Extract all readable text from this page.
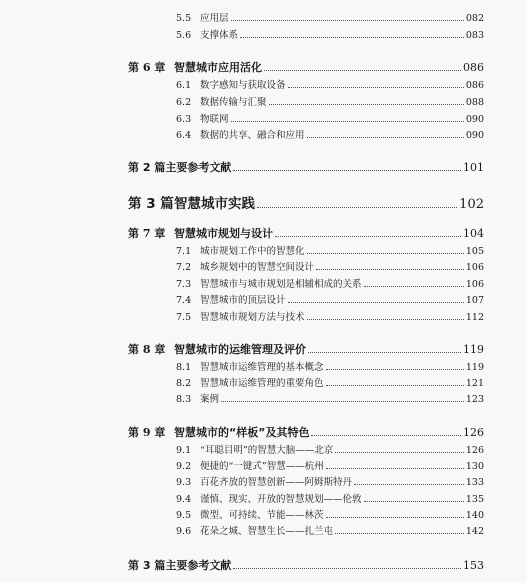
5.5 应用层	082
5.6 支撑体系	083
第 6 章 智慧城市应用活化	086
6.1 数字感知与获取设备	086
6.2 数据传输与汇聚	088
6.3 物联网	090
6.4 数据的共享、融合和应用	090
第 2 篇主要参考文献	101
第 3 篇 智慧城市实践	102
第 7 章 智慧城市规划与设计	104
7.1 城市规划工作中的智慧化	105
7.2 城乡规划中的智慧空间设计	106
7.3 智慧城市与城市规划是相辅相成的关系	106
7.4 智慧城市的顶层设计	107
7.5 智慧城市规划方法与技术	112
第 8 章 智慧城市的运维管理及评价	119
8.1 智慧城市运维管理的基本概念	119
8.2 智慧城市运维管理的重要角色	121
8.3 案例	123
第 9 章 智慧城市的“样板”及其特色	126
9.1 “耳聪目明”的智慧大脑——北京	126
9.2 便捷的“一键式”智慧——杭州	130
9.3 百花齐放的智慧创新——阿姆斯特丹	133
9.4 谨慎、现实、开放的智慧规划——伦敦	135
9.5 微型、可持续、节能——林茨	140
9.6 花朵之城、智慧生长——扎兰屯	142
第 3 篇主要参考文献	153
